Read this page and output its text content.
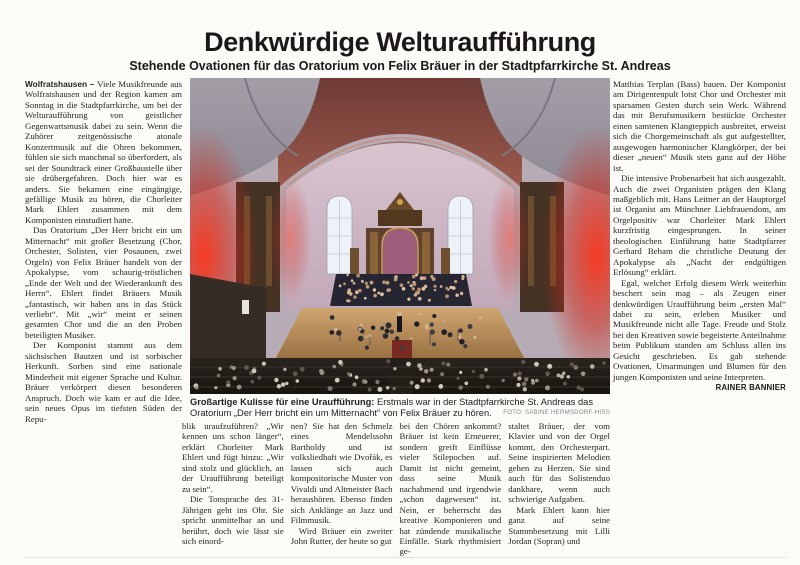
Denkwürdige Welturaufführung
Stehende Ovationen für das Oratorium von Felix Bräuer in der Stadtpfarrkirche St. Andreas

Wolfratshausen – Viele Musikfreunde aus Wolfratshausen und der Region kamen am Sonntag in die Stadtpfarrkirche, um bei der Welturaufführung von geistlicher Gegenwartsmusik dabei zu sein. Wenn die Zuhörer zeitgenössische atonale Konzertmusik auf die Ohren bekommen, fühlen sie sich manchmal so überfordert, als sei der Soundtrack einer Großbaustelle über sie drübergefahren. Doch hier war es anders. Sie bekamen eine eingängige, gefällige Musik zu hören, die Chorleiter Mark Ehlert zusammen mit dem Komponisten einstudiert hatte.

Das Oratorium „Der Herr bricht ein um Mitternacht“ mit großer Besetzung (Chor, Orchester, Solisten, vier Posaunen, zwei Orgeln) von Felix Bräuer handelt von der Apokalypse, vom schaurig-tröstlichen „Ende der Welt und der Wiederankunft des Herrn“. Ehlert findet Bräuers Musik „fantastisch, wir haben uns in das Stück verliebt“. Mit „wir“ meint er seinen gesamten Chor und die an den Proben beteiligten Musiker.

Der Komponist stammt aus dem sächsischen Bautzen und ist sorbischer Herkunft. Sorben sind eine nationale Minderheit mit eigener Sprache und Kultur. Bräuer verkörpert diesen besonderen Anspruch. Doch wie kam er auf die Idee, sein neues Opus im tiefsten Süden der Repu-

Großartige Kulisse für eine Uraufführung: Erstmals war in der Stadtpfarrkirche St. Andreas das Oratorium „Der Herr bricht ein um Mitternacht“ von Felix Bräuer zu hören. FOTO: SABINE HERMSDORF-HISS

blik uraufzuführen? „Wir kennen uns schon länger“, erklärt Chorleiter Mark Ehlert und fügt hinzu: „Wir sind stolz und glücklich, an der Uraufführung beteiligt zu sein“.

Die Tonsprache des 31-Jährigen geht ins Ohr. Sie spricht unmittelbar an und berührt, doch wie lässt sie sich einord-

nen? Sie hat den Schmelz eines Mendelssohn Bartholdy und ist volksliedhaft wie Dvořák, es lassen sich auch kompositorische Muster von Vivaldi und Altmeister Bach heraushören. Ebenso finden sich Anklänge an Jazz und Filmmusik.

Wird Bräuer ein zweiter John Rutter, der heute so gut

bei den Chören ankommt? Bräuer ist kein Erneuerer, sondern greift Einflüsse vieler Stilepochen auf. Damit ist nicht gemeint, dass seine Musik nachahmend und irgendwie „schon dagewesen“ ist. Nein, er beherrscht das kreative Komponieren und hat zündende musikalische Einfälle. Stark rhythmisiert ge-

staltet Bräuer, der vom Klavier und von der Orgel kommt, den Orchesterpart. Seine inspirierten Melodien gehen zu Herzen. Sie sind auch für das Solistenduo dankbare, wenn auch schwierige Aufgaben.

Mark Ehlert kann hier ganz auf seine Stammbesetzung mit Lilli Jordan (Sopran) und

Matthias Terplan (Bass) bauen. Der Komponist am Dirigentenpult lotst Chor und Orchester mit sparsamen Gesten durch sein Werk. Während das mit Berufsmusikern bestückte Orchester einen samtenen Klangteppich ausbreitet, erweist sich die Chorgemeinschaft als gut aufgestellter, ausgewogen harmonischer Klangkörper, der bei dieser „neuen“ Musik stets ganz auf der Höhe ist.

Die intensive Probenarbeit hat sich ausgezahlt. Auch die zwei Organisten prägen den Klang maßgeblich mit. Hans Leitner an der Hauptorgel ist Organist am Münchner Liebfrauendom, am Orgelpositiv war Chorleiter Mark Ehlert kurzfristig eingesprungen. In seiner theologischen Einführung hatte Stadtpfarrer Gerhard Beham die christliche Deutung der Apokalypse als „Nacht der endgültigen Erlösung“ erklärt.

Egal, welcher Erfolg diesem Werk weiterhin beschert sein mag – als Zeugen einer denkwürdigen Uraufführung beim „ersten Mal“ dabei zu sein, erleben Musiker und Musikfreunde nicht alle Tage. Freude und Stolz bei den Kreativen sowie begeisterte Anteilnahme beim Publikum standen am Schluss allen ins Gesicht geschrieben. Es gab stehende Ovationen, Umarmungen und Blumen für den jungen Komponisten und seine Interpreten.
RAINER BANNIER
